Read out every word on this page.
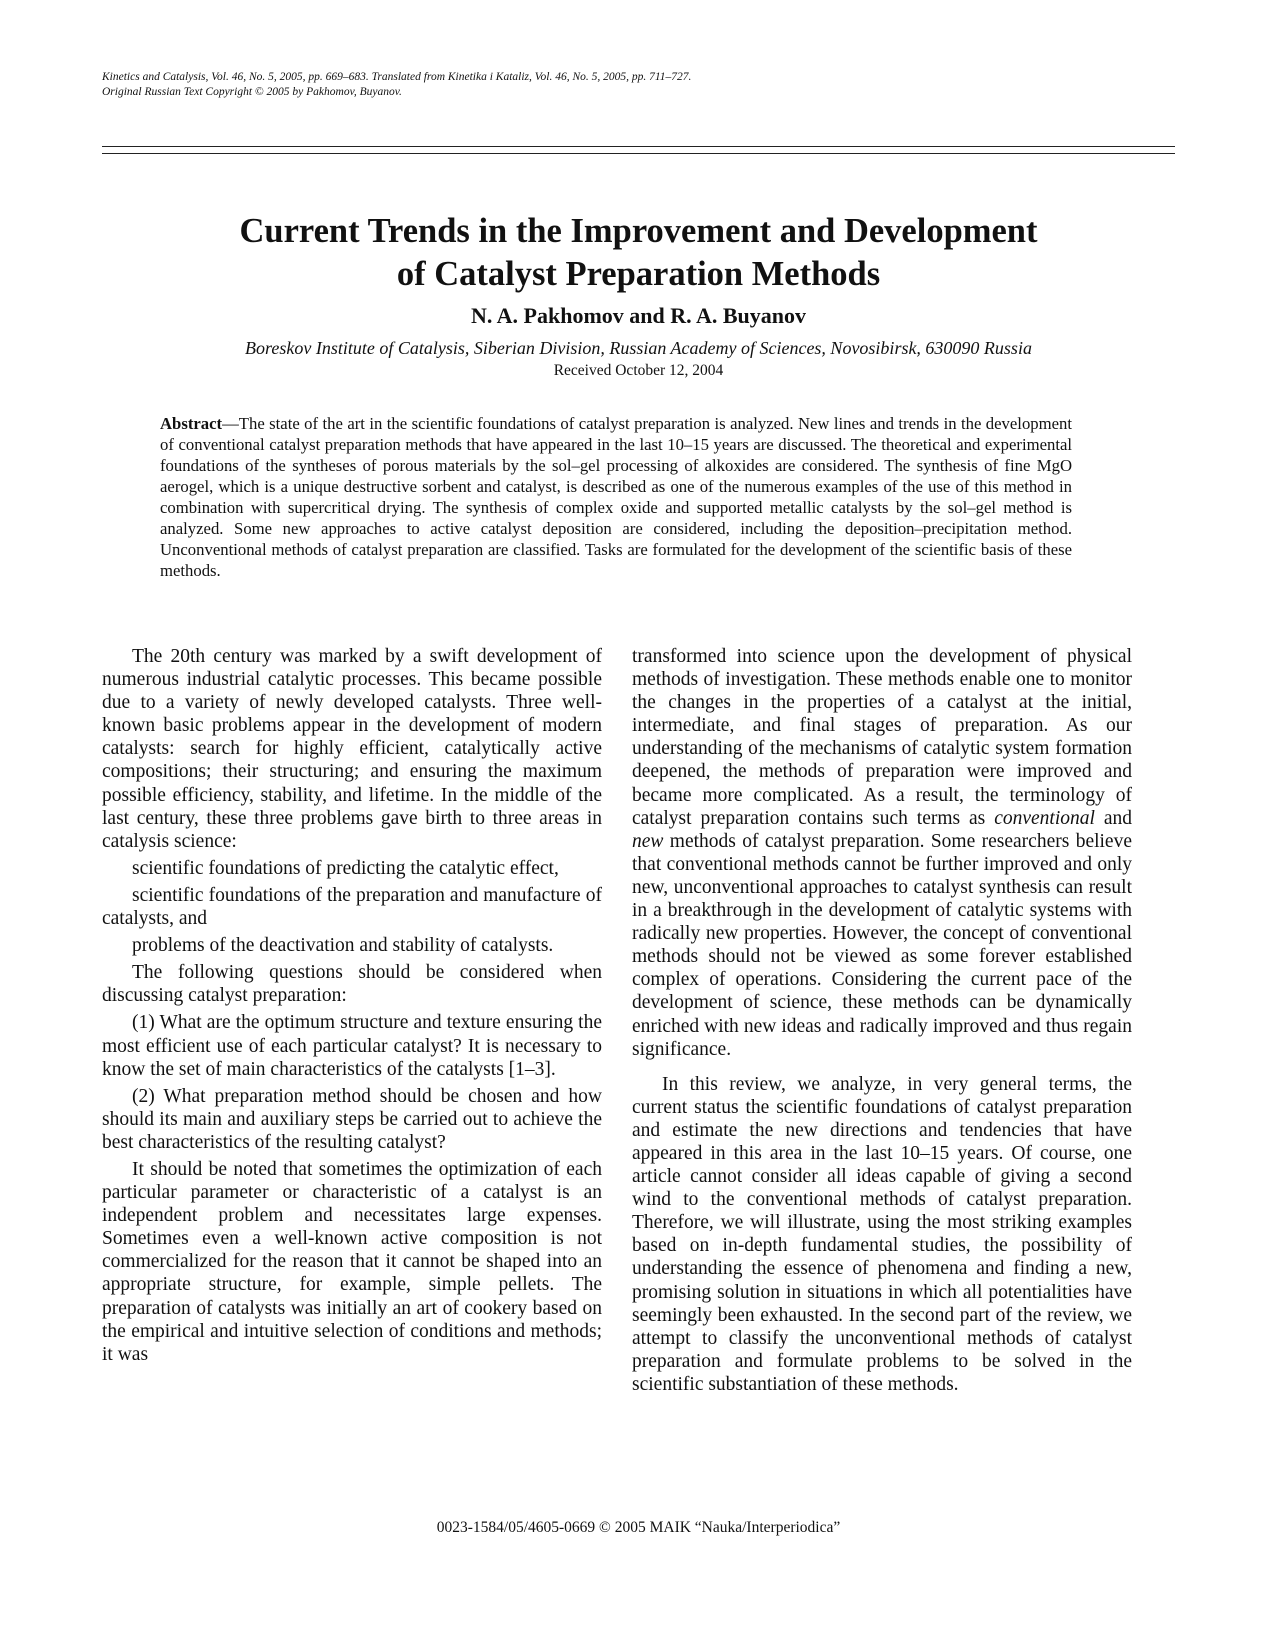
Kinetics and Catalysis, Vol. 46, No. 5, 2005, pp. 669–683. Translated from Kinetika i Kataliz, Vol. 46, No. 5, 2005, pp. 711–727.
Original Russian Text Copyright © 2005 by Pakhomov, Buyanov.
Current Trends in the Improvement and Development
of Catalyst Preparation Methods
N. A. Pakhomov and R. A. Buyanov
Boreskov Institute of Catalysis, Siberian Division, Russian Academy of Sciences, Novosibirsk, 630090 Russia
Received October 12, 2004

Abstract—The state of the art in the scientific foundations of catalyst preparation is analyzed. New lines and trends in the development of conventional catalyst preparation methods that have appeared in the last 10–15 years are discussed. The theoretical and experimental foundations of the syntheses of porous materials by the sol–gel processing of alkoxides are considered. The synthesis of fine MgO aerogel, which is a unique destructive sorbent and catalyst, is described as one of the numerous examples of the use of this method in combination with supercritical drying. The synthesis of complex oxide and supported metallic catalysts by the sol–gel method is analyzed. Some new approaches to active catalyst deposition are considered, including the deposition–precipitation method. Unconventional methods of catalyst preparation are classified. Tasks are formulated for the development of the scientific basis of these methods.

The 20th century was marked by a swift development of numerous industrial catalytic processes. This became possible due to a variety of newly developed catalysts. Three well-known basic problems appear in the development of modern catalysts: search for highly efficient, catalytically active compositions; their structuring; and ensuring the maximum possible efficiency, stability, and lifetime. In the middle of the last century, these three problems gave birth to three areas in catalysis science:

scientific foundations of predicting the catalytic effect,

scientific foundations of the preparation and manufacture of catalysts, and

problems of the deactivation and stability of catalysts.

The following questions should be considered when discussing catalyst preparation:

(1) What are the optimum structure and texture ensuring the most efficient use of each particular catalyst? It is necessary to know the set of main characteristics of the catalysts [1–3].

(2) What preparation method should be chosen and how should its main and auxiliary steps be carried out to achieve the best characteristics of the resulting catalyst?

It should be noted that sometimes the optimization of each particular parameter or characteristic of a catalyst is an independent problem and necessitates large expenses. Sometimes even a well-known active composition is not commercialized for the reason that it cannot be shaped into an appropriate structure, for example, simple pellets. The preparation of catalysts was initially an art of cookery based on the empirical and intuitive selection of conditions and methods; it was

transformed into science upon the development of physical methods of investigation. These methods enable one to monitor the changes in the properties of a catalyst at the initial, intermediate, and final stages of preparation. As our understanding of the mechanisms of catalytic system formation deepened, the methods of preparation were improved and became more complicated. As a result, the terminology of catalyst preparation contains such terms as conventional and new methods of catalyst preparation. Some researchers believe that conventional methods cannot be further improved and only new, unconventional approaches to catalyst synthesis can result in a breakthrough in the development of catalytic systems with radically new properties. However, the concept of conventional methods should not be viewed as some forever established complex of operations. Considering the current pace of the development of science, these methods can be dynamically enriched with new ideas and radically improved and thus regain significance.

In this review, we analyze, in very general terms, the current status the scientific foundations of catalyst preparation and estimate the new directions and tendencies that have appeared in this area in the last 10–15 years. Of course, one article cannot consider all ideas capable of giving a second wind to the conventional methods of catalyst preparation. Therefore, we will illustrate, using the most striking examples based on in-depth fundamental studies, the possibility of understanding the essence of phenomena and finding a new, promising solution in situations in which all potentialities have seemingly been exhausted. In the second part of the review, we attempt to classify the unconventional methods of catalyst preparation and formulate problems to be solved in the scientific substantiation of these methods.

0023-1584/05/4605-0669 © 2005 MAIK “Nauka/Interperiodica”
